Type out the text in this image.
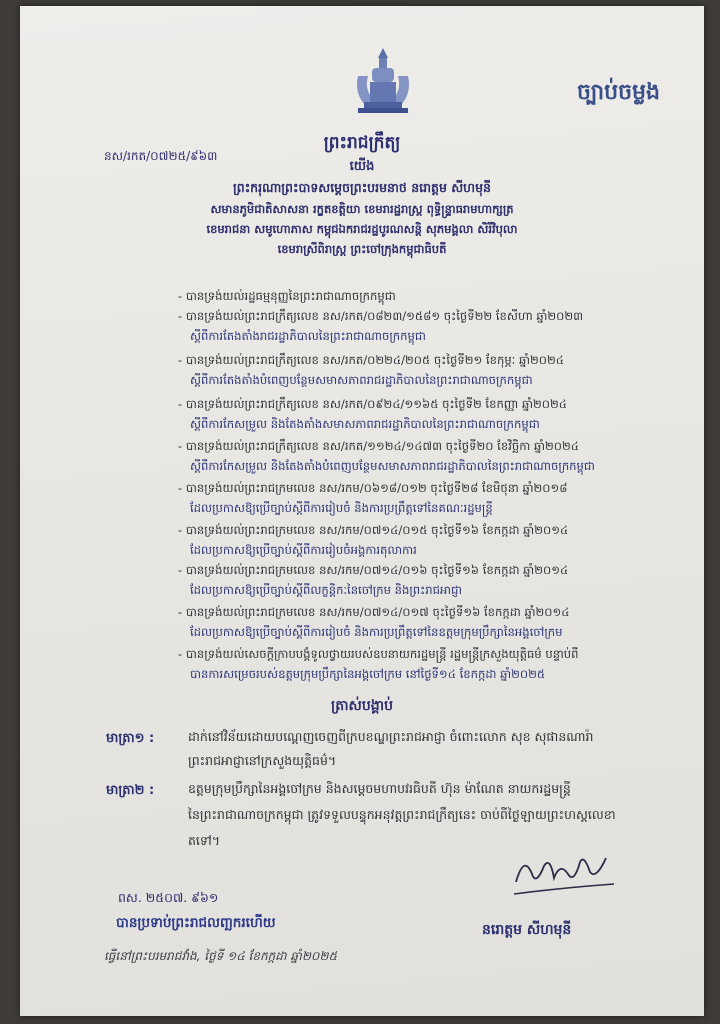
ច្បាប់ចម្លង
នស/រកត/០៧២៥/៩៦៣
ព្រះរាជក្រឹត្យ
យើង
ព្រះករុណាព្រះបាទសម្ដេចព្រះបរមនាថ នរោត្តម សីហមុនី
សមានភូមិជាតិសាសនា រក្ខតខត្តិយា ខេមរារដ្ឋរាស្ត្រ ពុទ្ធិន្ទ្រាធរាមហាក្សត្រ
ខេមរាជនា សមូហោភាស កម្ពុជឯករាជរដ្ឋបូរណសន្តិ សុភមង្គលា សិរីវិបុលា
ខេមរាស្រីពិរាស្ត្រ ព្រះចៅក្រុងកម្ពុជាធិបតី
- បានទ្រង់យល់រដ្ឋធម្មនុញ្ញនៃព្រះរាជាណាចក្រកម្ពុជា
- បានទ្រង់យល់ព្រះរាជក្រឹត្យលេខ នស/រកត/០៨២៣/១៥៨១ ចុះថ្ងៃទី២២ ខែសីហា ឆ្នាំ២០២៣
ស្ដីពីការតែងតាំងរាជរដ្ឋាភិបាលនៃព្រះរាជាណាចក្រកម្ពុជា
- បានទ្រង់យល់ព្រះរាជក្រឹត្យលេខ នស/រកត/០២២៤/២០៥ ចុះថ្ងៃទី២១ ខែកុម្ភៈ ឆ្នាំ២០២៤
ស្ដីពីការតែងតាំងបំពេញបន្ថែមសមាសភាពរាជរដ្ឋាភិបាលនៃព្រះរាជាណាចក្រកម្ពុជា
- បានទ្រង់យល់ព្រះរាជក្រឹត្យលេខ នស/រកត/០៩២៤/១១៦៥ ចុះថ្ងៃទី២ ខែកញ្ញា ឆ្នាំ២០២៤
ស្ដីពីការកែសម្រួល និងតែងតាំងសមាសភាពរាជរដ្ឋាភិបាលនៃព្រះរាជាណាចក្រកម្ពុជា
- បានទ្រង់យល់ព្រះរាជក្រឹត្យលេខ នស/រកត/១១២៤/១៤៧៣ ចុះថ្ងៃទី២០ ខែវិច្ឆិកា ឆ្នាំ២០២៤
ស្ដីពីការកែសម្រួល និងតែងតាំងបំពេញបន្ថែមសមាសភាពរាជរដ្ឋាភិបាលនៃព្រះរាជាណាចក្រកម្ពុជា
- បានទ្រង់យល់ព្រះរាជក្រមលេខ នស/រកម/០៦១៨/០១២ ចុះថ្ងៃទី២៨ ខែមិថុនា ឆ្នាំ២០១៨
ដែលប្រកាសឱ្យប្រើច្បាប់ស្ដីពីការរៀបចំ និងការប្រព្រឹត្តទៅនៃគណៈរដ្ឋមន្ត្រី
- បានទ្រង់យល់ព្រះរាជក្រមលេខ នស/រកម/០៧១៤/០១៥ ចុះថ្ងៃទី១៦ ខែកក្កដា ឆ្នាំ២០១៤
ដែលប្រកាសឱ្យប្រើច្បាប់ស្ដីពីការរៀបចំអង្គការតុលាការ
- បានទ្រង់យល់ព្រះរាជក្រមលេខ នស/រកម/០៧១៤/០១៦ ចុះថ្ងៃទី១៦ ខែកក្កដា ឆ្នាំ២០១៤
ដែលប្រកាសឱ្យប្រើច្បាប់ស្ដីពីលក្ខន្តិកៈនៃចៅក្រម និងព្រះរាជអាជ្ញា
- បានទ្រង់យល់ព្រះរាជក្រមលេខ នស/រកម/០៧១៤/០១៧ ចុះថ្ងៃទី១៦ ខែកក្កដា ឆ្នាំ២០១៤
ដែលប្រកាសឱ្យប្រើច្បាប់ស្ដីពីការរៀបចំ និងការប្រព្រឹត្តទៅនៃឧត្តមក្រុមប្រឹក្សានៃអង្គចៅក្រម
- បានទ្រង់យល់សេចក្ដីក្រាបបង្គំទូលថ្វាយរបស់ឧបនាយករដ្ឋមន្ត្រី រដ្ឋមន្ត្រីក្រសួងយុត្តិធម៌ បន្ទាប់ពី
បានការសម្រេចរបស់ឧត្តមក្រុមប្រឹក្សានៃអង្គចៅក្រម នៅថ្ងៃទី១៤ ខែកក្កដា ឆ្នាំ២០២៥
ត្រាស់បង្គាប់
មាត្រា១ :	ដាក់នៅវិន័យដោយបណ្ដេញចេញពីក្របខណ្ឌព្រះរាជអាជ្ញា ចំពោះលោក សុខ សុផានណារ៉ា
ព្រះរាជអាជ្ញានៅក្រសួងយុត្តិធម៌។
មាត្រា២ :	ឧត្តមក្រុមប្រឹក្សានៃអង្គចៅក្រម និងសម្ដេចមហាបវរធិបតី ហ៊ុន ម៉ាណែត នាយករដ្ឋមន្ត្រី
នៃព្រះរាជាណាចក្រកម្ពុជា ត្រូវទទួលបន្ទុកអនុវត្តព្រះរាជក្រឹត្យនេះ ចាប់ពីថ្ងៃឡាយព្រះហស្តលេខា
តទៅ។
ពស. ២៥០៧. ៩៦១
បានប្រទាប់ព្រះរាជលញ្ឆករហើយ
ធ្វើនៅព្រះបរមរាជវាំង, ថ្ងៃទី ១៤ ខែកក្កដា ឆ្នាំ២០២៥
នរោត្តម សីហមុនី
